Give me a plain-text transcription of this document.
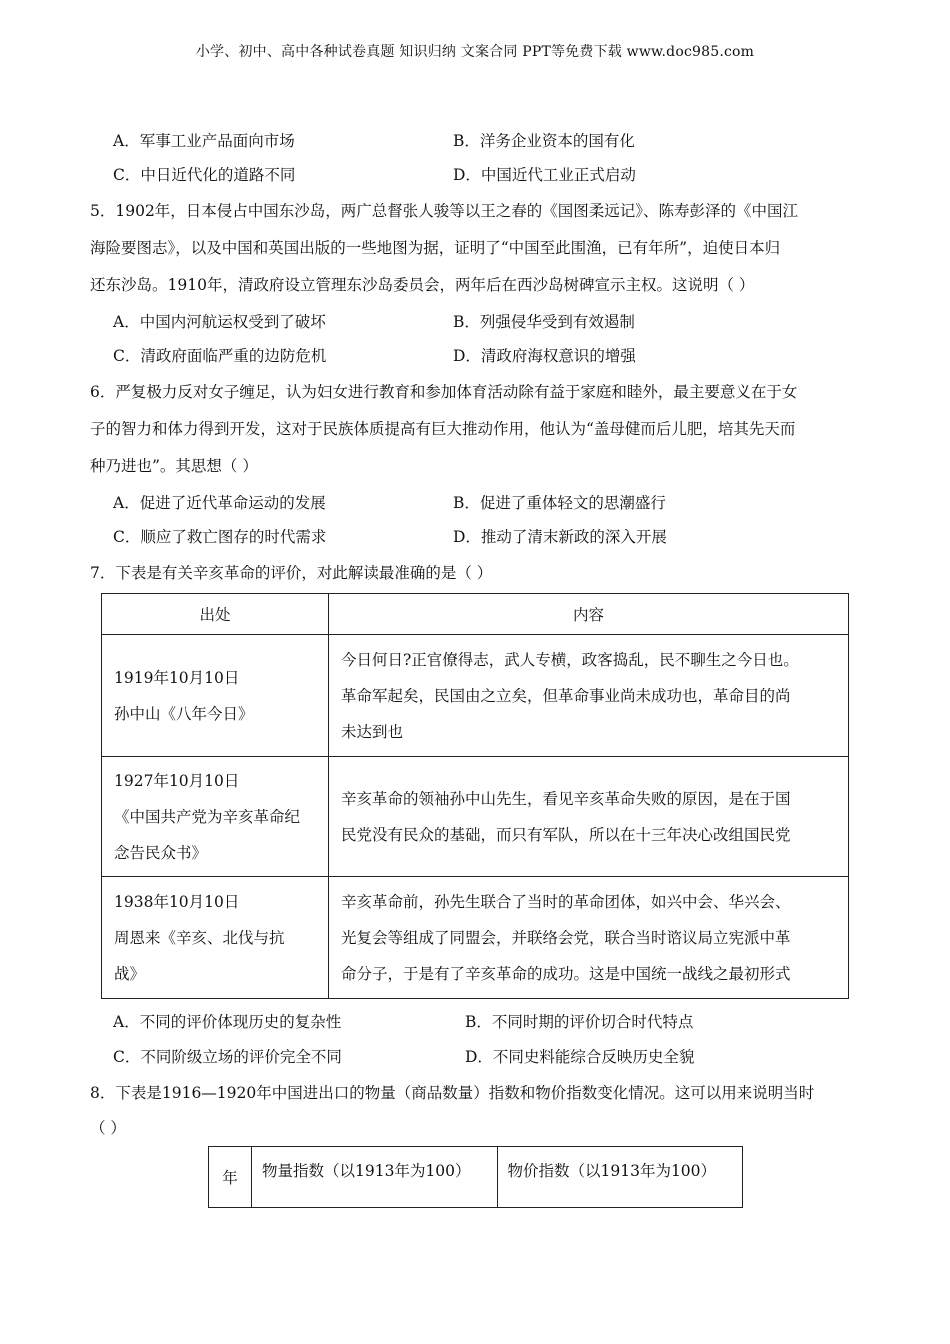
小学、初中、高中各种试卷真题 知识归纳 文案合同 PPT等免费下载 www.doc985.com
A．军事工业产品面向市场	B．洋务企业资本的国有化
C．中日近代化的道路不同	D．中国近代工业正式启动
5．1902年，日本侵占中国东沙岛，两广总督张人骏等以王之春的《国图柔远记》、陈寿彭泽的《中国江
海险要图志》，以及中国和英国出版的一些地图为据，证明了“中国至此围渔，已有年所”，迫使日本归
还东沙岛。1910年，清政府设立管理东沙岛委员会，两年后在西沙岛树碑宣示主权。这说明（ ）
A．中国内河航运权受到了破坏	B．列强侵华受到有效遏制
C．清政府面临严重的边防危机	D．清政府海权意识的增强
6．严复极力反对女子缠足，认为妇女进行教育和参加体育活动除有益于家庭和睦外，最主要意义在于女
子的智力和体力得到开发，这对于民族体质提高有巨大推动作用，他认为“盖母健而后儿肥，培其先天而
种乃进也”。其思想（ ）
A．促进了近代革命运动的发展	B．促进了重体轻文的思潮盛行
C．顺应了救亡图存的时代需求	D．推动了清末新政的深入开展
7．下表是有关辛亥革命的评价，对此解读最准确的是（ ）
出处	内容

1919年10月10日
孙中山《八年今日》	今日何日?正官僚得志，武人专横，政客捣乱，民不聊生之今日也。
革命军起矣，民国由之立矣，但革命事业尚未成功也，革命目的尚
未达到也

1927年10月10日
《中国共产党为辛亥革命纪
念告民众书》	辛亥革命的领袖孙中山先生，看见辛亥革命失败的原因，是在于国
民党没有民众的基础，而只有军队，所以在十三年决心改组国民党

1938年10月10日
周恩来《辛亥、北伐与抗
战》	辛亥革命前，孙先生联合了当时的革命团体，如兴中会、华兴会、
光复会等组成了同盟会，并联络会党，联合当时谘议局立宪派中革
命分子，于是有了辛亥革命的成功。这是中国统一战线之最初形式
A．不同的评价体现历史的复杂性	B．不同时期的评价切合时代特点
C．不同阶级立场的评价完全不同	D．不同史料能综合反映历史全貌
8．下表是1916—1920年中国进出口的物量（商品数量）指数和物价指数变化情况。这可以用来说明当时
（ ）
年	物量指数（以1913年为100）	物价指数（以1913年为100）
